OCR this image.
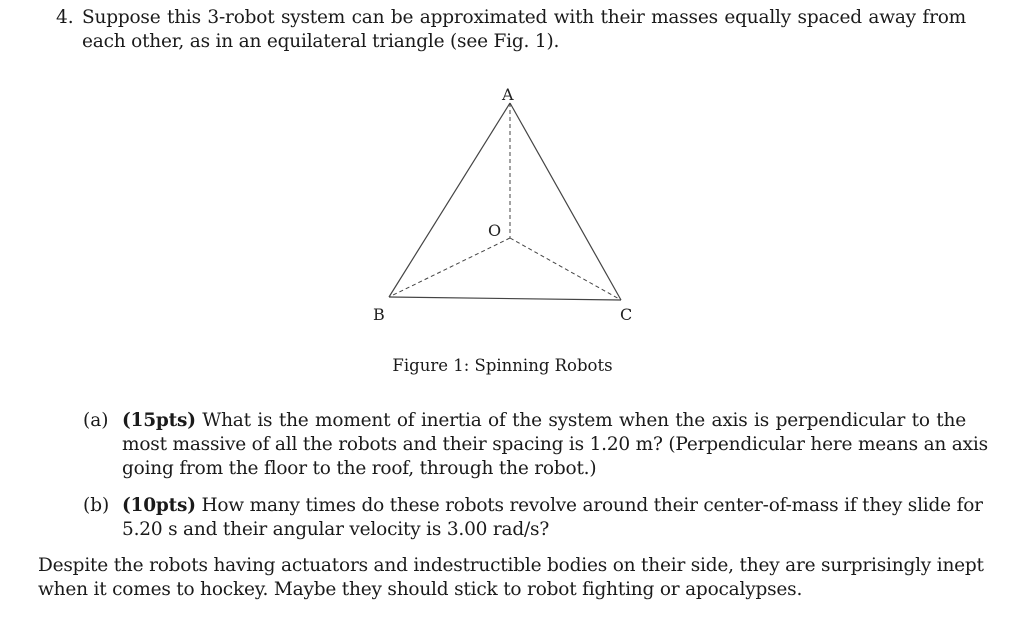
4. Suppose this 3-robot system can be approximated with their masses equally spaced away from
each other, as in an equilateral triangle (see Fig. 1).
A
B	C
O
Figure 1: Spinning Robots
(a) (15pts) What is the moment of inertia of the system when the axis is perpendicular to the
most massive of all the robots and their spacing is 1.20 m? (Perpendicular here means an axis
going from the floor to the roof, through the robot.)
(b) (10pts) How many times do these robots revolve around their center-of-mass if they slide for
5.20 s and their angular velocity is 3.00 rad/s?
Despite the robots having actuators and indestructible bodies on their side, they are surprisingly inept
when it comes to hockey. Maybe they should stick to robot fighting or apocalypses.
